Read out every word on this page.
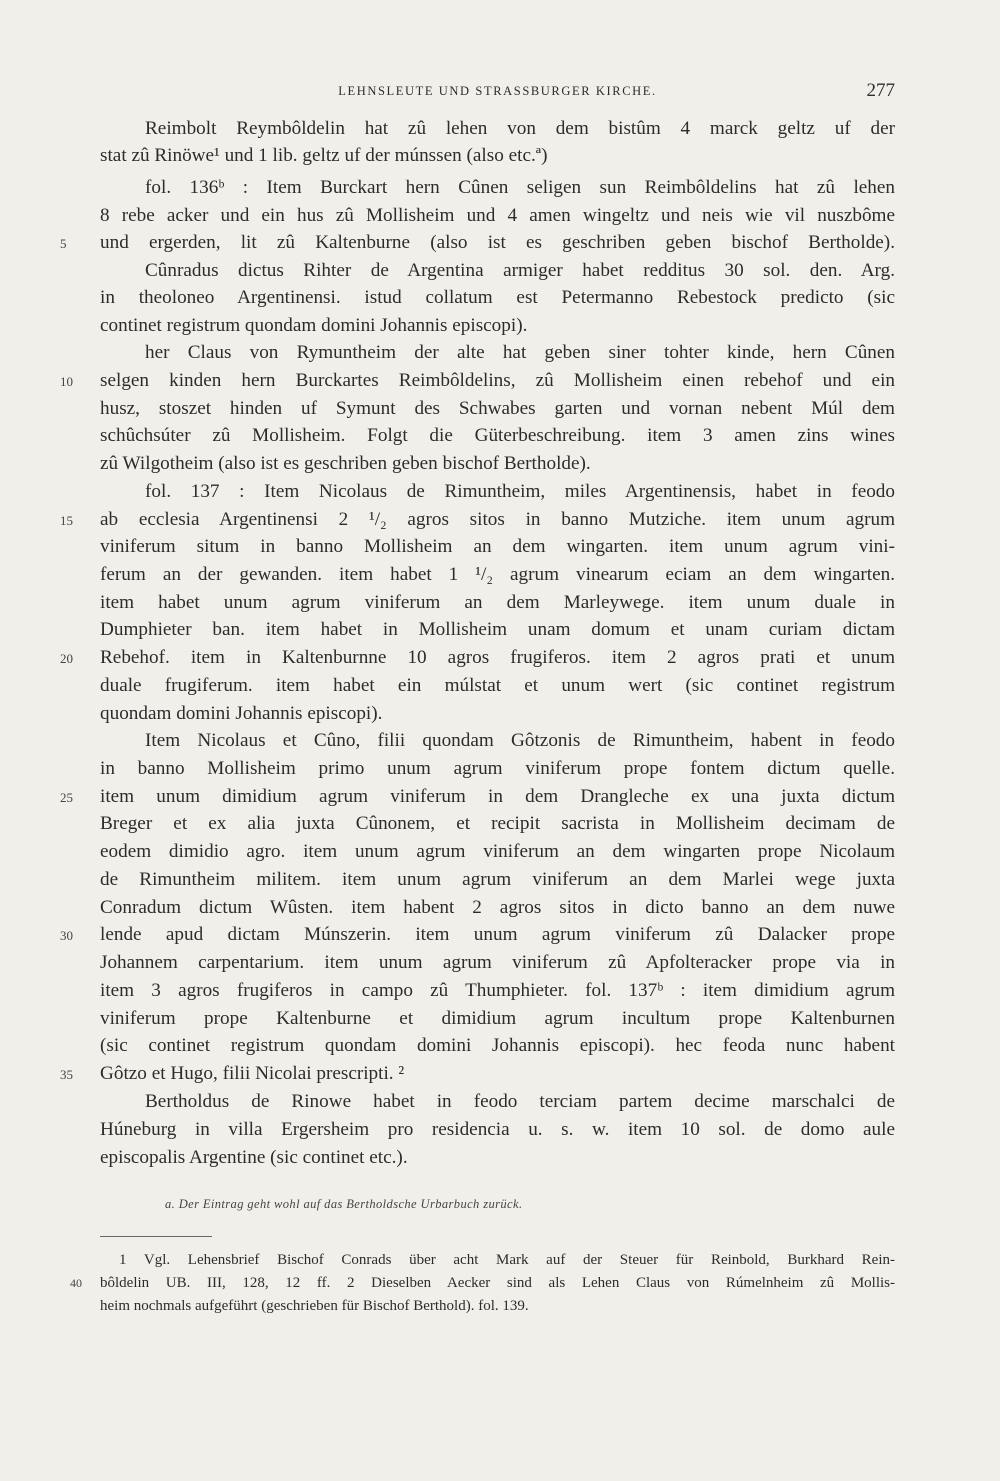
LEHNSLEUTE UND STRASSBURGER KIRCHE.	277
Reimbolt Reymbôldelin hat zû lehen von dem bistûm 4 marck geltz uf der
stat zû Rinöwe¹ und 1 lib. geltz uf der múnssen (also etc.ª)
fol. 136ᵇ : Item Burckart hern Cûnen seligen sun Reimbôldelins hat zû lehen
8 rebe acker und ein hus zû Mollisheim und 4 amen wingeltz und neis wie vil nuszbôme
und ergerden, lit zû Kaltenburne (also ist es geschriben geben bischof Bertholde).
Cûnradus dictus Rihter de Argentina armiger habet redditus 30 sol. den. Arg.
in theoloneo Argentinensi. istud collatum est Petermanno Rebestock predicto (sic
continet registrum quondam domini Johannis episcopi).
her Claus von Rymuntheim der alte hat geben siner tohter kinde, hern Cûnen
selgen kinden hern Burckartes Reimbôldelins, zû Mollisheim einen rebehof und ein
husz, stoszet hinden uf Symunt des Schwabes garten und vornan nebent Múl dem
schûchsúter zû Mollisheim. Folgt die Güterbeschreibung. item 3 amen zins wines
zû Wilgotheim (also ist es geschriben geben bischof Bertholde).
fol. 137 : Item Nicolaus de Rimuntheim, miles Argentinensis, habet in feodo
ab ecclesia Argentinensi 2 ¹/₂ agros sitos in banno Mutziche. item unum agrum
viniferum situm in banno Mollisheim an dem wingarten. item unum agrum vini-
ferum an der gewanden. item habet 1 ¹/₂ agrum vinearum eciam an dem wingarten.
item habet unum agrum viniferum an dem Marleywege. item unum duale in
Dumphieter ban. item habet in Mollisheim unam domum et unam curiam dictam
Rebehof. item in Kaltenburnne 10 agros frugiferos. item 2 agros prati et unum
duale frugiferum. item habet ein múlstat et unum wert (sic continet registrum
quondam domini Johannis episcopi).
Item Nicolaus et Cûno, filii quondam Gôtzonis de Rimuntheim, habent in feodo
in banno Mollisheim primo unum agrum viniferum prope fontem dictum quelle.
item unum dimidium agrum viniferum in dem Drangleche ex una juxta dictum
Breger et ex alia juxta Cûnonem, et recipit sacrista in Mollisheim decimam de
eodem dimidio agro. item unum agrum viniferum an dem wingarten prope Nicolaum
de Rimuntheim militem. item unum agrum viniferum an dem Marlei wege juxta
Conradum dictum Wûsten. item habent 2 agros sitos in dicto banno an dem nuwe
lende apud dictam Múnszerin. item unum agrum viniferum zû Dalacker prope
Johannem carpentarium. item unum agrum viniferum zû Apfolteracker prope via in
item 3 agros frugiferos in campo zû Thumphieter. fol. 137ᵇ : item dimidium agrum
viniferum prope Kaltenburne et dimidium agrum incultum prope Kaltenburnen
(sic continet registrum quondam domini Johannis episcopi). hec feoda nunc habent
Gôtzo et Hugo, filii Nicolai prescripti. ²
Bertholdus de Rinowe habet in feodo terciam partem decime marschalci de
Húneburg in villa Ergersheim pro residencia u. s. w. item 10 sol. de domo aule
episcopalis Argentine (sic continet etc.).
5
10
15
20
25
30
35
a. Der Eintrag geht wohl auf das Bertholdsche Urbarbuch zurück.
1 Vgl. Lehensbrief Bischof Conrads über acht Mark auf der Steuer für Reinbold, Burkhard Rein-
bôldelin UB. III, 128, 12 ff. 2 Dieselben Aecker sind als Lehen Claus von Rúmelnheim zû Mollis-
heim nochmals aufgeführt (geschrieben für Bischof Berthold). fol. 139.
40
